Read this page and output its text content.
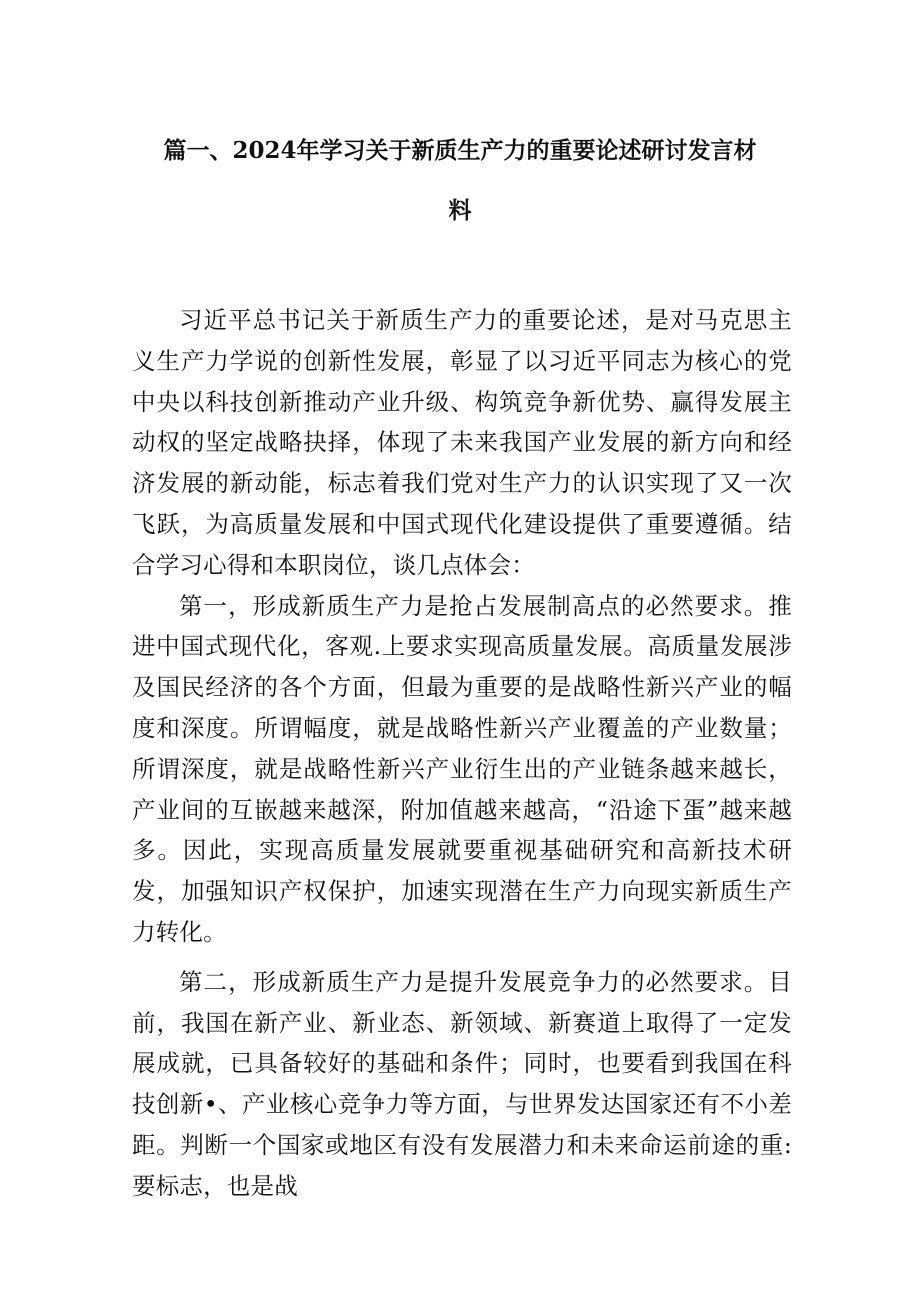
篇一、2024年学习关于新质生产力的重要论述研讨发言材
料

习近平总书记关于新质生产力的重要论述，是对马克思主义生产力学说的创新性发展，彰显了以习近平同志为核心的党中央以科技创新推动产业升级、构筑竞争新优势、赢得发展主动权的坚定战略抉择，体现了未来我国产业发展的新方向和经济发展的新动能，标志着我们党对生产力的认识实现了又一次飞跃，为高质量发展和中国式现代化建设提供了重要遵循。结合学习心得和本职岗位，谈几点体会：

第一，形成新质生产力是抢占发展制高点的必然要求。推进中国式现代化，客观.上要求实现高质量发展。高质量发展涉及国民经济的各个方面，但最为重要的是战略性新兴产业的幅度和深度。所谓幅度，就是战略性新兴产业覆盖的产业数量；所谓深度，就是战略性新兴产业衍生出的产业链条越来越长，产业间的互嵌越来越深，附加值越来越高，“沿途下蛋”越来越多。因此，实现高质量发展就要重视基础研究和高新技术研发，加强知识产权保护，加速实现潜在生产力向现实新质生产力转化。

第二，形成新质生产力是提升发展竞争力的必然要求。目前，我国在新产业、新业态、新领域、新赛道上取得了一定发展成就，已具备较好的基础和条件；同时，也要看到我国在科技创新•、产业核心竞争力等方面，与世界发达国家还有不小差距。判断一个国家或地区有没有发展潜力和未来命运前途的重:要标志，也是战
